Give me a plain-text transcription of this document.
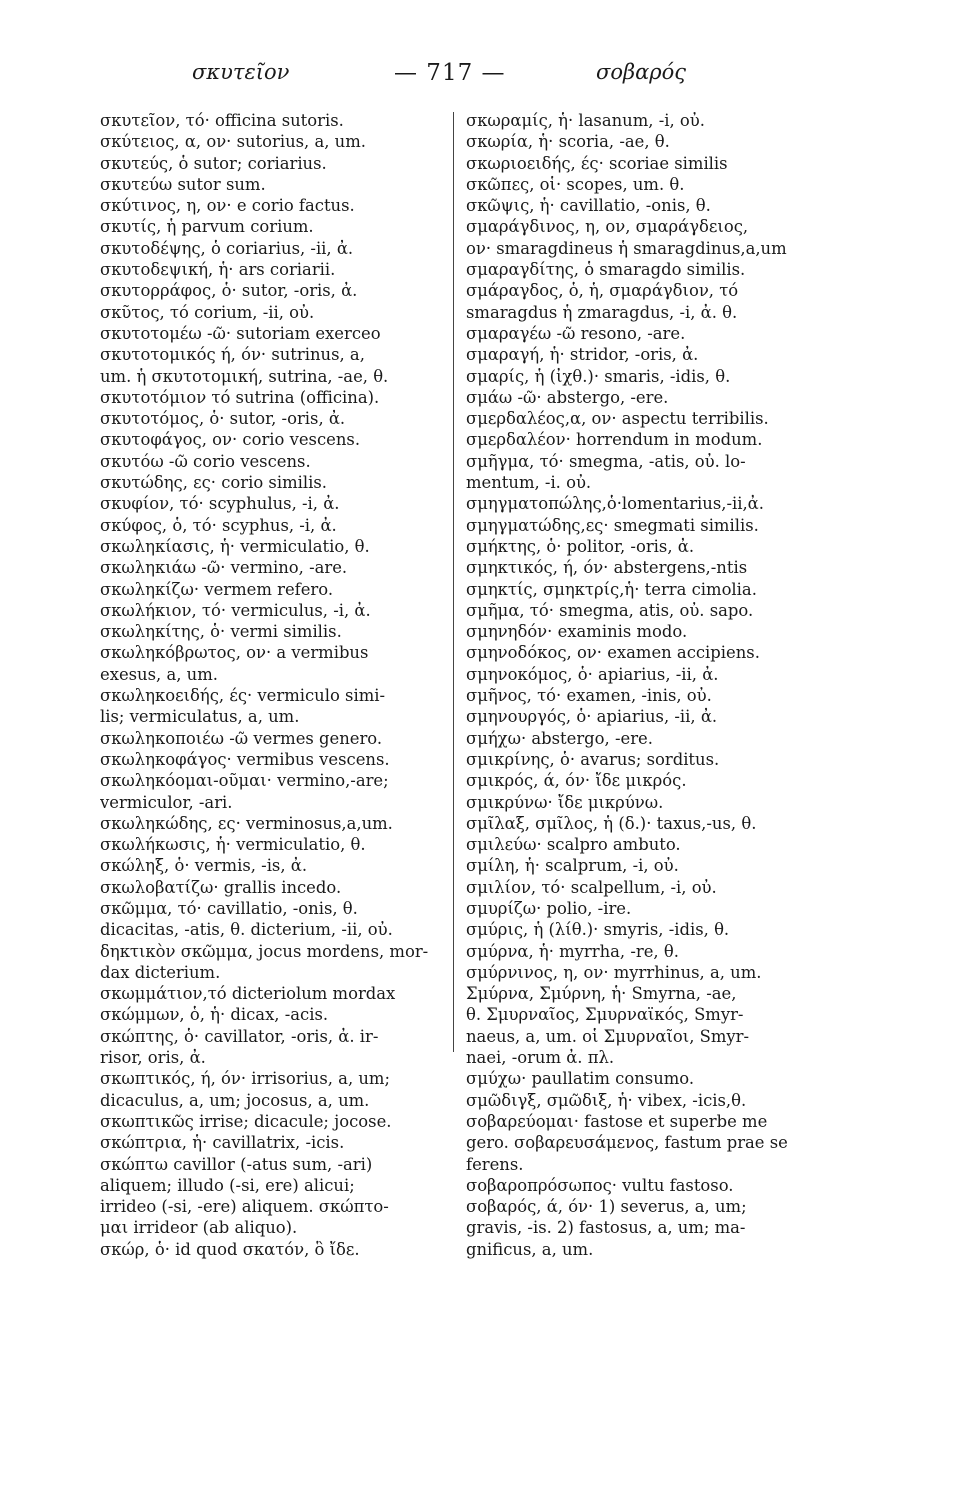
σκυτεῖον	— 717 —	σοβαρός
σκυτεῖον, τό· officina sutoris.
σκύτειος, α, ον· sutorius, a, um.
σκυτεύς, ὁ sutor; coriarius.
σκυτεύω sutor sum.
σκύτινος, η, ον· e corio factus.
σκυτίς, ἡ parvum corium.
σκυτοδέψης, ὁ coriarius, -ii, ἀ.
σκυτοδεψική, ἡ· ars coriarii.
σκυτορράφος, ὁ· sutor, -oris, ἀ.
σκῦτος, τό corium, -ii, οὐ.
σκυτοτομέω -ῶ· sutoriam exerceo
σκυτοτομικός ή, όν· sutrinus, a,
um. ἡ σκυτοτομική, sutrina, -ae, θ.
σκυτοτόμιον τό sutrina (officina).
σκυτοτόμος, ὁ· sutor, -oris, ἀ.
σκυτοφάγος, ον· corio vescens.
σκυτόω -ῶ corio vescens.
σκυτώδης, ες· corio similis.
σκυφίον, τό· scyphulus, -i, ἀ.
σκύφος, ὁ, τό· scyphus, -i, ἀ.
σκωληκίασις, ἡ· vermiculatio, θ.
σκωληκιάω -ῶ· vermino, -are.
σκωληκίζω· vermem refero.
σκωλήκιον, τό· vermiculus, -i, ἀ.
σκωληκίτης, ὁ· vermi similis.
σκωληκόβρωτος, ον· a vermibus
exesus, a, um.
σκωληκοειδής, ές· vermiculo simi-
lis; vermiculatus, a, um.
σκωληκοποιέω -ῶ vermes genero.
σκωληκοφάγος· vermibus vescens.
σκωληκόομαι-οῦμαι· vermino,-are;
vermiculor, -ari.
σκωληκώδης, ες· verminosus,a,um.
σκωλήκωσις, ἡ· vermiculatio, θ.
σκώληξ, ὁ· vermis, -is, ἀ.
σκωλοβατίζω· grallis incedo.
σκῶμμα, τό· cavillatio, -onis, θ.
dicacitas, -atis, θ. dicterium, -ii, οὐ.
δηκτικὸν σκῶμμα, jocus mordens, mor-
dax dicterium.
σκωμμάτιον,τό dicteriolum mordax
σκώμμων, ὁ, ἡ· dicax, -acis.
σκώπτης, ὁ· cavillator, -oris, ἀ. ir-
risor, oris, ἀ.
σκωπτικός, ή, όν· irrisorius, a, um;
dicaculus, a, um; jocosus, a, um.
σκωπτικῶς irrise; dicacule; jocose.
σκώπτρια, ἡ· cavillatrix, -icis.
σκώπτω cavillor (-atus sum, -ari)
aliquem; illudo (-si, ere) alicui;
irrideo (-si, -ere) aliquem. σκώπτο-
μαι irrideor (ab aliquo).
σκώρ, ὁ· id quod σκατόν, ὃ ἴδε.
σκωραμίς, ἡ· lasanum, -i, οὐ.
σκωρία, ἡ· scoria, -ae, θ.
σκωριοειδής, ές· scoriae similis
σκῶπες, οἱ· scopes, um. θ.
σκῶψις, ἡ· cavillatio, -onis, θ.
σμαράγδινος, η, ον, σμαράγδειος,
ον· smaragdineus ἡ smaragdinus,a,um
σμαραγδίτης, ὁ smaragdo similis.
σμάραγδος, ὁ, ἡ, σμαράγδιον, τό
smaragdus ἡ zmaragdus, -i, ἀ. θ.
σμαραγέω -ῶ resono, -are.
σμαραγή, ἡ· stridor, -oris, ἀ.
σμαρίς, ἡ (ἰχθ.)· smaris, -idis, θ.
σμάω -ῶ· abstergo, -ere.
σμερδαλέος,α, ον· aspectu terribilis.
σμερδαλέον· horrendum in modum.
σμῆγμα, τό· smegma, -atis, οὐ. lo-
mentum, -i. οὐ.
σμηγματοπώλης,ὁ·lomentarius,-ii,ἀ.
σμηγματώδης,ες· smegmati similis.
σμήκτης, ὁ· politor, -oris, ἀ.
σμηκτικός, ή, όν· abstergens,-ntis
σμηκτίς, σμηκτρίς,ἡ· terra cimolia.
σμῆμα, τό· smegma, atis, οὐ. sapo.
σμηνηδόν· examinis modo.
σμηνοδόκος, ον· examen accipiens.
σμηνοκόμος, ὁ· apiarius, -ii, ἀ.
σμῆνος, τό· examen, -inis, οὐ.
σμηνουργός, ὁ· apiarius, -ii, ἀ.
σμήχω· abstergo, -ere.
σμικρίνης, ὁ· avarus; sorditus.
σμικρός, ά, όν· ἴδε μικρός.
σμικρύνω· ἴδε μικρύνω.
σμῖλαξ, σμῖλος, ἡ (δ.)· taxus,-us, θ.
σμιλεύω· scalpro ambuto.
σμίλη, ἡ· scalprum, -i, οὐ.
σμιλίον, τό· scalpellum, -i, οὐ.
σμυρίζω· polio, -ire.
σμύρις, ἡ (λίθ.)· smyris, -idis, θ.
σμύρνα, ἡ· myrrha, -re, θ.
σμύρνινος, η, ον· myrrhinus, a, um.
Σμύρνα, Σμύρνη, ἡ· Smyrna, -ae,
θ. Σμυρναῖος, Σμυρναϊκός, Smyr-
naeus, a, um. οἱ Σμυρναῖοι, Smyr-
naei, -orum ἀ. πλ.
σμύχω· paullatim consumo.
σμῶδιγξ, σμῶδιξ, ἡ· vibex, -icis,θ.
σοβαρεύομαι· fastose et superbe me
gero. σοβαρευσάμενος, fastum prae se
ferens.
σοβαροπρόσωπος· vultu fastoso.
σοβαρός, ά, όν· 1) severus, a, um;
gravis, -is. 2) fastosus, a, um; ma-
gnificus, a, um.
